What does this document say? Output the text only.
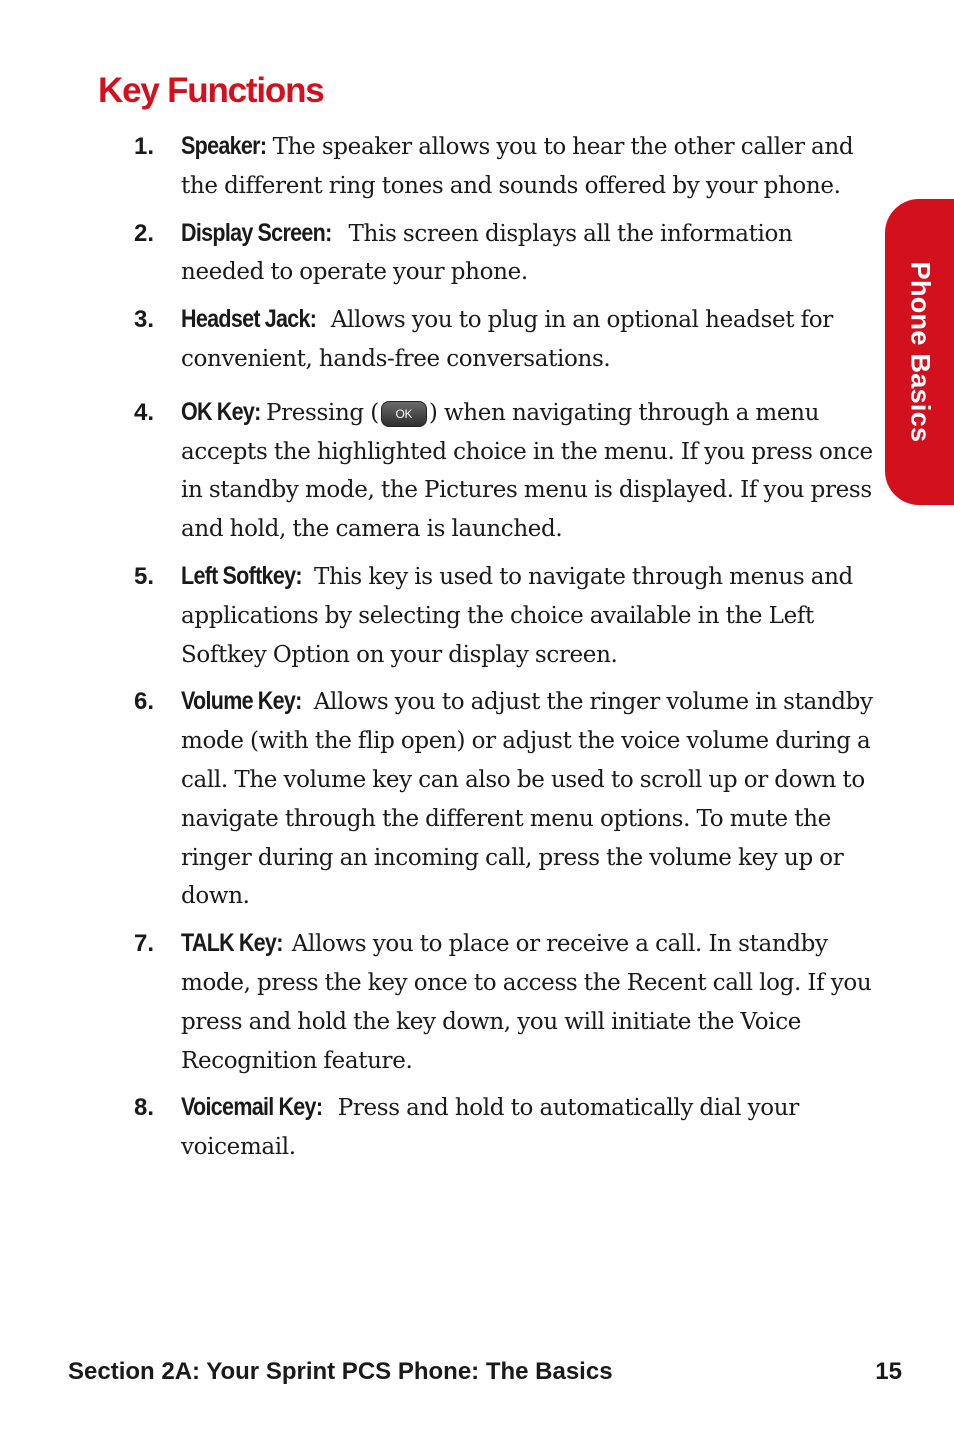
Key Functions
1.	Speaker: The speaker allows you to hear the other caller and the different ring tones and sounds offered by your phone.
2.	Display Screen: This screen displays all the information needed to operate your phone.
3.	Headset Jack: Allows you to plug in an optional headset for convenient, hands-free conversations.
4.	OK Key: Pressing ( OK ) when navigating through a menu accepts the highlighted choice in the menu. If you press once in standby mode, the Pictures menu is displayed. If you press and hold, the camera is launched.
5.	Left Softkey: This key is used to navigate through menus and applications by selecting the choice available in the Left Softkey Option on your display screen.
6.	Volume Key: Allows you to adjust the ringer volume in standby mode (with the flip open) or adjust the voice volume during a call. The volume key can also be used to scroll up or down to navigate through the different menu options. To mute the ringer during an incoming call, press the volume key up or down.
7.	TALK Key: Allows you to place or receive a call. In standby mode, press the key once to access the Recent call log. If you press and hold the key down, you will initiate the Voice Recognition feature.
8.	Voicemail Key: Press and hold to automatically dial your voicemail.
Phone Basics
Section 2A: Your Sprint PCS Phone: The Basics	15
